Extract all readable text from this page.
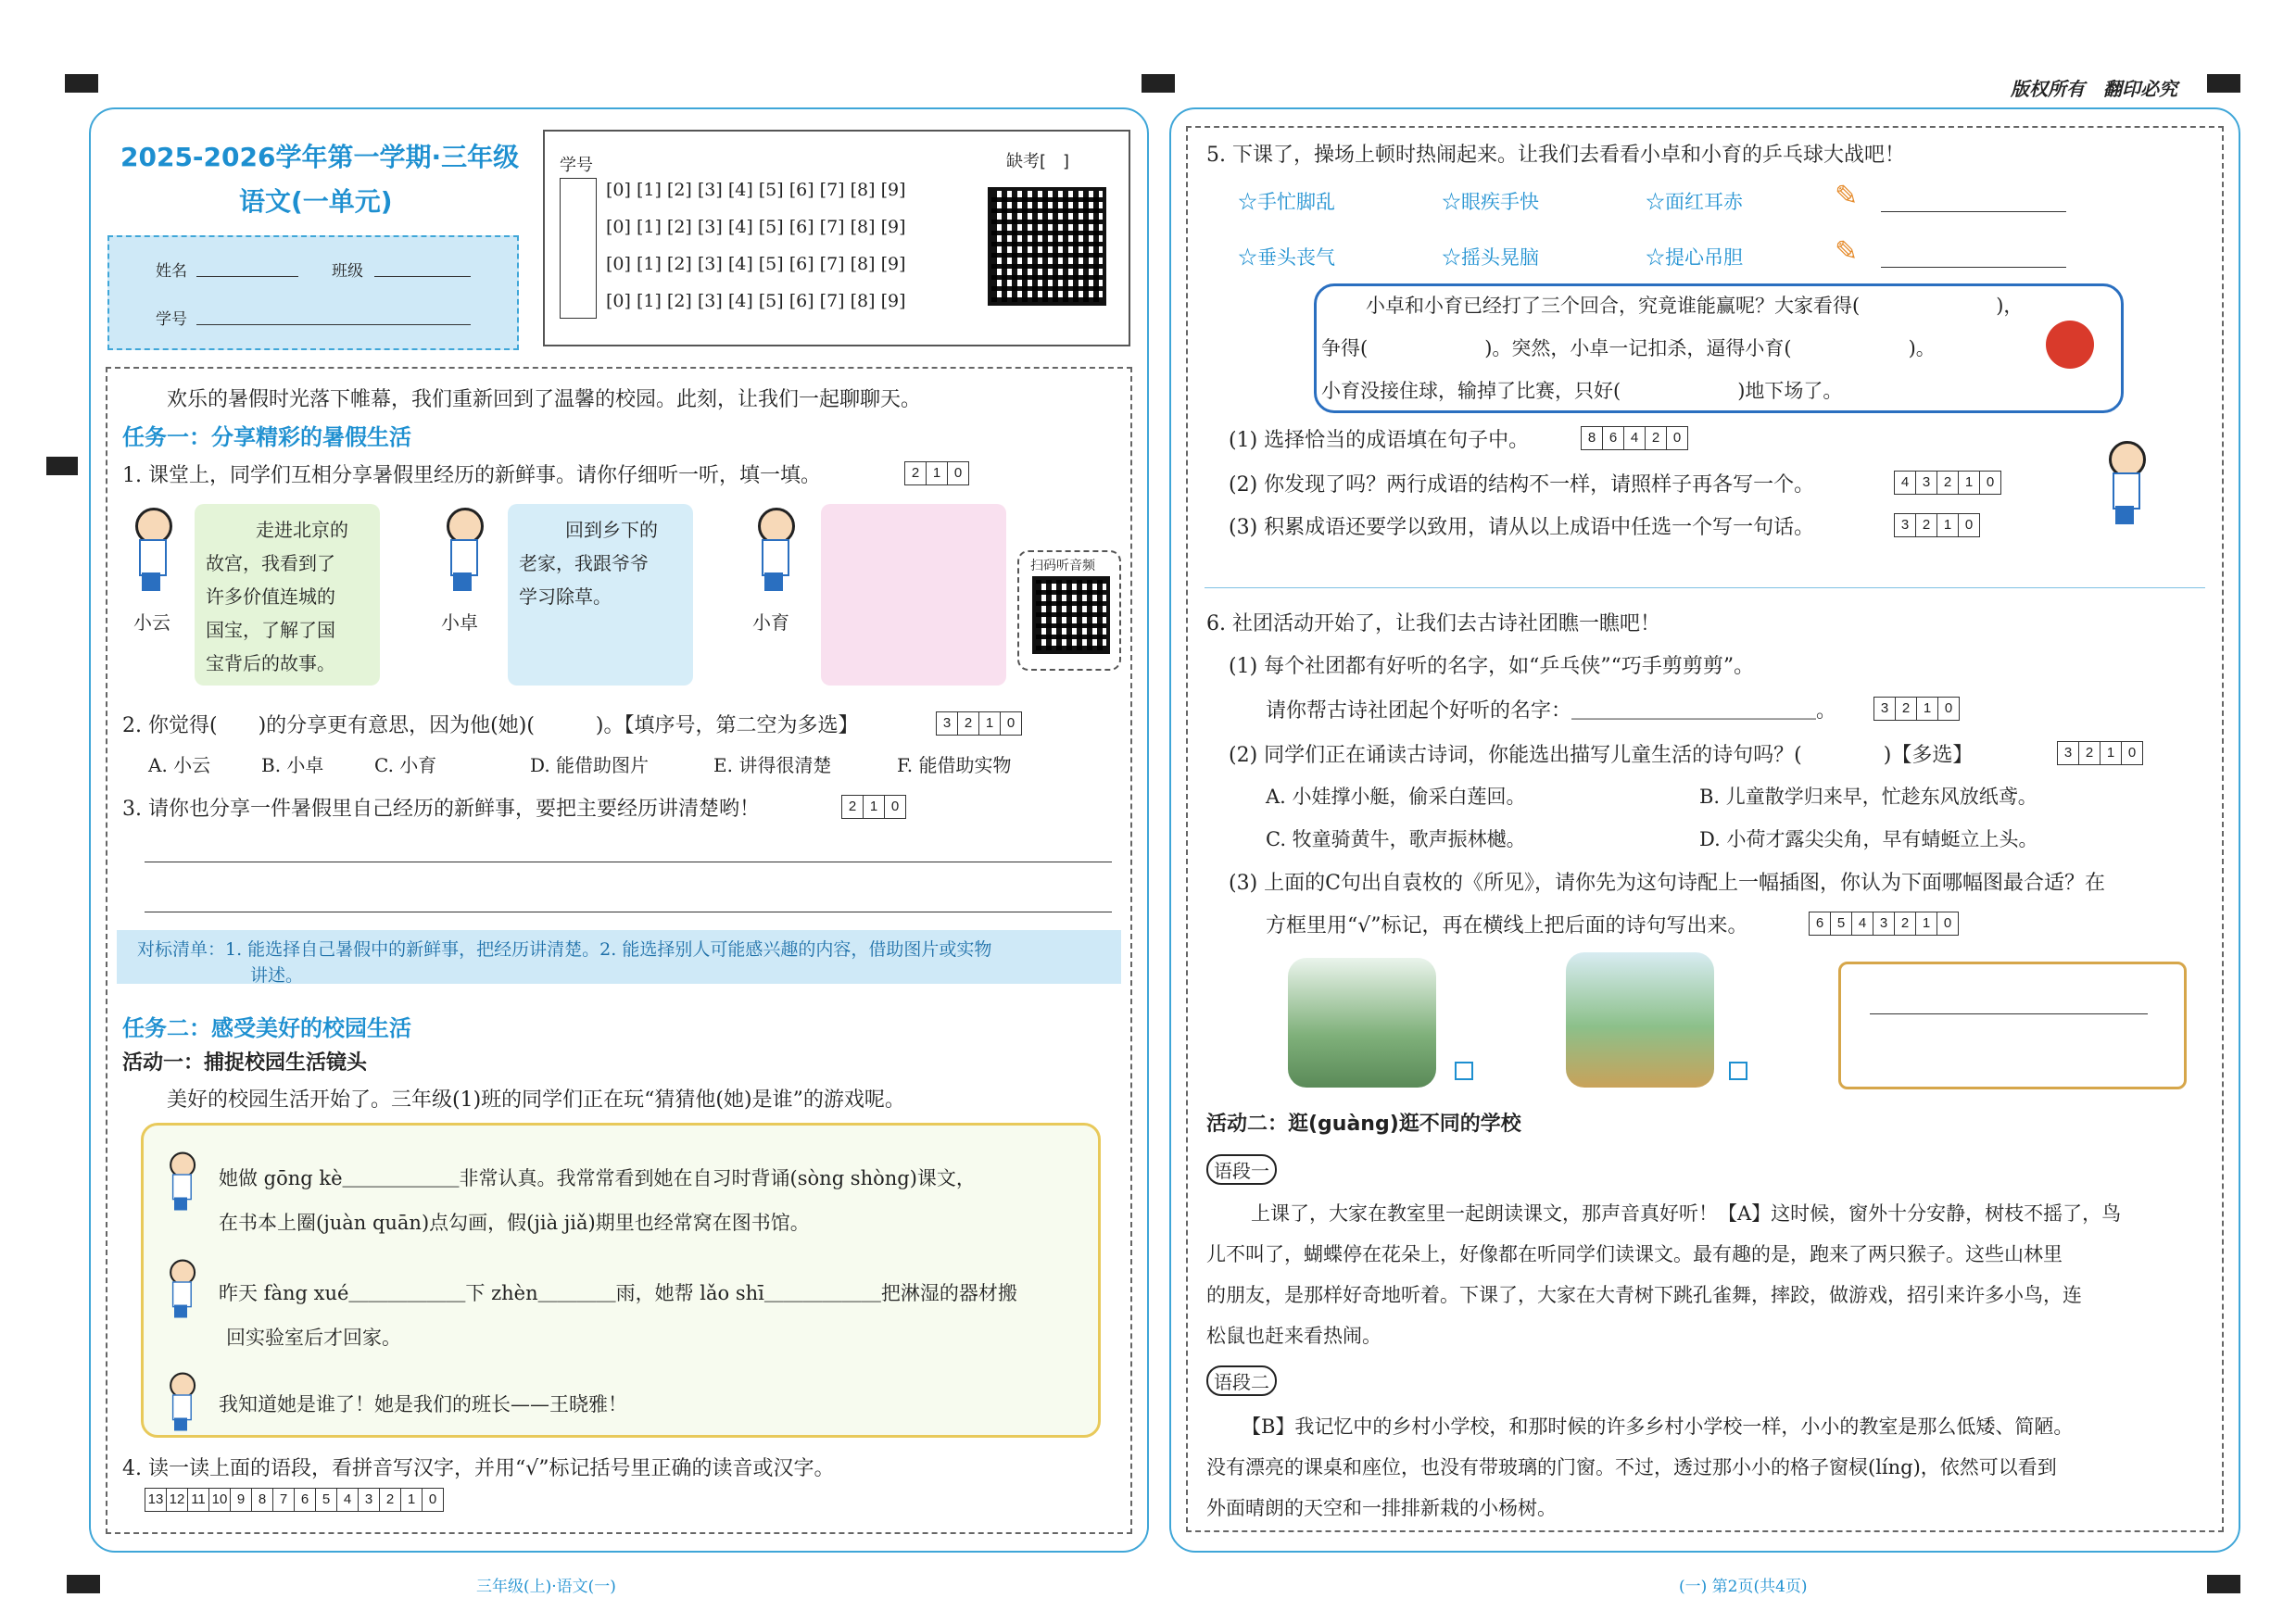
版权所有　翻印必究
2025-2026学年第一学期·三年级
语文(一单元)
姓名	班级
学号
学号	缺考[　]
[0] [1] [2] [3] [4] [5] [6] [7] [8] [9]
[0] [1] [2] [3] [4] [5] [6] [7] [8] [9]
[0] [1] [2] [3] [4] [5] [6] [7] [8] [9]
[0] [1] [2] [3] [4] [5] [6] [7] [8] [9]
欢乐的暑假时光落下帷幕，我们重新回到了温馨的校园。此刻，让我们一起聊聊天。
任务一：分享精彩的暑假生活
1. 课堂上，同学们互相分享暑假里经历的新鲜事。请你仔细听一听，填一填。	2 1 0
小云
走进北京的
故宫，我看到了
许多价值连城的
国宝，了解了国
宝背后的故事。
小卓
回到乡下的
老家，我跟爷爷
学习除草。
小育
扫码听音频
2. 你觉得(　　)的分享更有意思，因为他(她)(　　　)。【填序号，第二空为多选】	3 2 1 0
A. 小云	B. 小卓	C. 小育	D. 能借助图片	E. 讲得很清楚	F. 能借助实物
3. 请你也分享一件暑假里自己经历的新鲜事，要把主要经历讲清楚哟！	2 1 0
对标清单：1. 能选择自己暑假中的新鲜事，把经历讲清楚。2. 能选择别人可能感兴趣的内容，借助图片或实物
讲述。
任务二：感受美好的校园生活
活动一：捕捉校园生活镜头
美好的校园生活开始了。三年级(1)班的同学们正在玩“猜猜他(她)是谁”的游戏呢。
她做 gōng kè＿＿＿＿＿＿非常认真。我常常看到她在自习时背诵(sòng shòng)课文，
在书本上圈(juàn quān)点勾画，假(jià jiǎ)期里也经常窝在图书馆。
昨天 fàng xué＿＿＿＿＿＿下 zhèn＿＿＿＿雨，她帮 lǎo shī＿＿＿＿＿＿把淋湿的器材搬
回实验室后才回家。
我知道她是谁了！她是我们的班长——王晓雅！
4. 读一读上面的语段，看拼音写汉字，并用“√”标记括号里正确的读音或汉字。
13 12 11 10 9 8 7 6 5 4 3 2 1 0
5. 下课了，操场上顿时热闹起来。让我们去看看小卓和小育的乒乓球大战吧！
☆手忙脚乱	☆眼疾手快	☆面红耳赤	✎
☆垂头丧气	☆摇头晃脑	☆提心吊胆	✎
小卓和小育已经打了三个回合，究竟谁能赢呢？大家看得(　　　　　　　)，
争得(　　　　　　)。突然，小卓一记扣杀，逼得小育(　　　　　　)。
小育没接住球，输掉了比赛，只好(　　　　　　)地下场了。
(1) 选择恰当的成语填在句子中。	8 6 4 2 0
(2) 你发现了吗？两行成语的结构不一样，请照样子再各写一个。	4 3 2 1 0
(3) 积累成语还要学以致用，请从以上成语中任选一个写一句话。	3 2 1 0
6. 社团活动开始了，让我们去古诗社团瞧一瞧吧！
(1) 每个社团都有好听的名字，如“乒乓侠”“巧手剪剪剪”。
请你帮古诗社团起个好听的名字：＿＿＿＿＿＿＿＿＿＿＿＿。	3 2 1 0
(2) 同学们正在诵读古诗词，你能选出描写儿童生活的诗句吗？(　　　　)【多选】	3 2 1 0
A. 小娃撑小艇，偷采白莲回。	B. 儿童散学归来早，忙趁东风放纸鸢。
C. 牧童骑黄牛，歌声振林樾。	D. 小荷才露尖尖角，早有蜻蜓立上头。
(3) 上面的C句出自袁枚的《所见》，请你先为这句诗配上一幅插图，你认为下面哪幅图最合适？在
方框里用“√”标记，再在横线上把后面的诗句写出来。	6 5 4 3 2 1 0
活动二：逛(guàng)逛不同的学校
语段一
上课了，大家在教室里一起朗读课文，那声音真好听！【A】这时候，窗外十分安静，树枝不摇了，鸟
儿不叫了，蝴蝶停在花朵上，好像都在听同学们读课文。最有趣的是，跑来了两只猴子。这些山林里
的朋友，是那样好奇地听着。下课了，大家在大青树下跳孔雀舞，摔跤，做游戏，招引来许多小鸟，连
松鼠也赶来看热闹。
语段二
【B】我记忆中的乡村小学校，和那时候的许多乡村小学校一样，小小的教室是那么低矮、简陋。
没有漂亮的课桌和座位，也没有带玻璃的门窗。不过，透过那小小的格子窗棂(líng)，依然可以看到
外面晴朗的天空和一排排新栽的小杨树。
三年级(上)·语文(一)	(一) 第2页(共4页)
